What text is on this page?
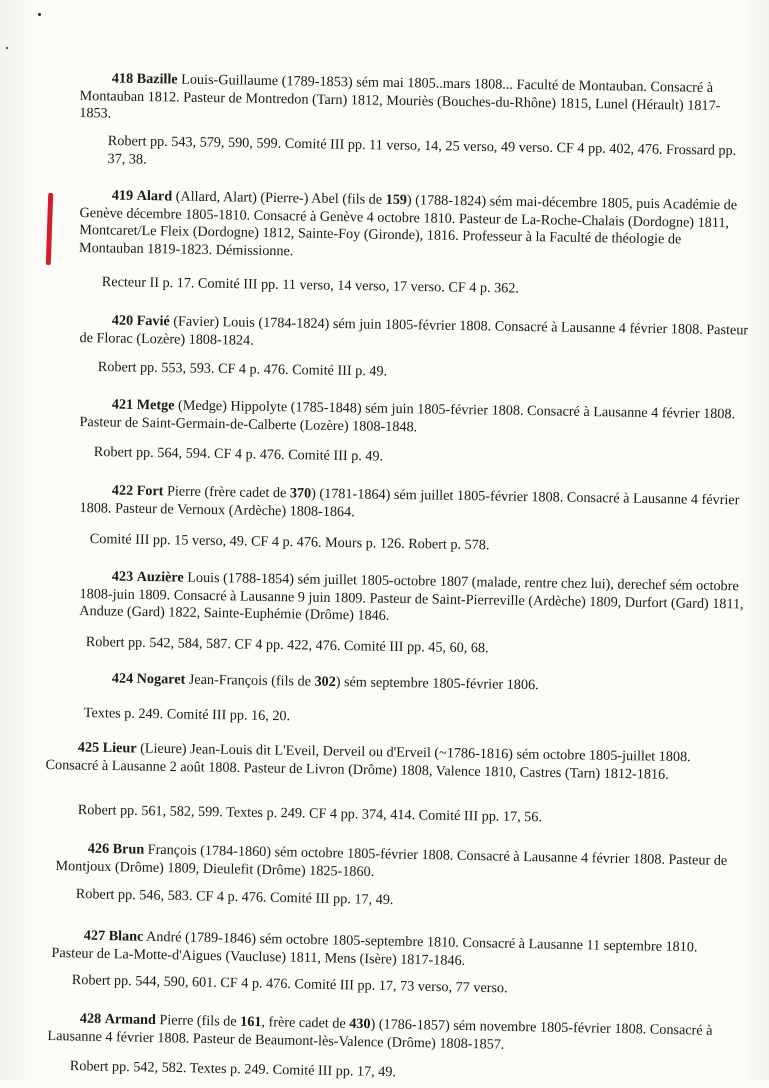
418 Bazille Louis-Guillaume (1789-1853) sém mai 1805..mars 1808... Faculté de Montauban. Consacré à Montauban 1812. Pasteur de Montredon (Tarn) 1812, Mouriès (Bouches-du-Rhône) 1815, Lunel (Hérault) 1817-1853.

Robert pp. 543, 579, 590, 599. Comité III pp. 11 verso, 14, 25 verso, 49 verso. CF 4 pp. 402, 476. Frossard pp. 37, 38.

419 Alard (Allard, Alart) (Pierre-) Abel (fils de 159) (1788-1824) sém mai-décembre 1805, puis Académie de Genève décembre 1805-1810. Consacré à Genève 4 octobre 1810. Pasteur de La-Roche-Chalais (Dordogne) 1811, Montcaret/Le Fleix (Dordogne) 1812, Sainte-Foy (Gironde), 1816. Professeur à la Faculté de théologie de Montauban 1819-1823. Démissionne.

Recteur II p. 17. Comité III pp. 11 verso, 14 verso, 17 verso. CF 4 p. 362.

420 Favié (Favier) Louis (1784-1824) sém juin 1805-février 1808. Consacré à Lausanne 4 février 1808. Pasteur de Florac (Lozère) 1808-1824.

Robert pp. 553, 593. CF 4 p. 476. Comité III p. 49.

421 Metge (Medge) Hippolyte (1785-1848) sém juin 1805-février 1808. Consacré à Lausanne 4 février 1808. Pasteur de Saint-Germain-de-Calberte (Lozère) 1808-1848.

Robert pp. 564, 594. CF 4 p. 476. Comité III p. 49.

422 Fort Pierre (frère cadet de 370) (1781-1864) sém juillet 1805-février 1808. Consacré à Lausanne 4 février 1808. Pasteur de Vernoux (Ardèche) 1808-1864.

Comité III pp. 15 verso, 49. CF 4 p. 476. Mours p. 126. Robert p. 578.

423 Auzière Louis (1788-1854) sém juillet 1805-octobre 1807 (malade, rentre chez lui), derechef sém octobre 1808-juin 1809. Consacré à Lausanne 9 juin 1809. Pasteur de Saint-Pierreville (Ardèche) 1809, Durfort (Gard) 1811, Anduze (Gard) 1822, Sainte-Euphémie (Drôme) 1846.

Robert pp. 542, 584, 587. CF 4 pp. 422, 476. Comité III pp. 45, 60, 68.

424 Nogaret Jean-François (fils de 302) sém septembre 1805-février 1806.

Textes p. 249. Comité III pp. 16, 20.

425 Lieur (Lieure) Jean-Louis dit L'Eveil, Derveil ou d'Erveil (~1786-1816) sém octobre 1805-juillet 1808. Consacré à Lausanne 2 août 1808. Pasteur de Livron (Drôme) 1808, Valence 1810, Castres (Tarn) 1812-1816.

Robert pp. 561, 582, 599. Textes p. 249. CF 4 pp. 374, 414. Comité III pp. 17, 56.

426 Brun François (1784-1860) sém octobre 1805-février 1808. Consacré à Lausanne 4 février 1808. Pasteur de Montjoux (Drôme) 1809, Dieulefit (Drôme) 1825-1860.

Robert pp. 546, 583. CF 4 p. 476. Comité III pp. 17, 49.

427 Blanc André (1789-1846) sém octobre 1805-septembre 1810. Consacré à Lausanne 11 septembre 1810. Pasteur de La-Motte-d'Aigues (Vaucluse) 1811, Mens (Isère) 1817-1846.

Robert pp. 544, 590, 601. CF 4 p. 476. Comité III pp. 17, 73 verso, 77 verso.

428 Armand Pierre (fils de 161, frère cadet de 430) (1786-1857) sém novembre 1805-février 1808. Consacré à Lausanne 4 février 1808. Pasteur de Beaumont-lès-Valence (Drôme) 1808-1857.

Robert pp. 542, 582. Textes p. 249. Comité III pp. 17, 49.
